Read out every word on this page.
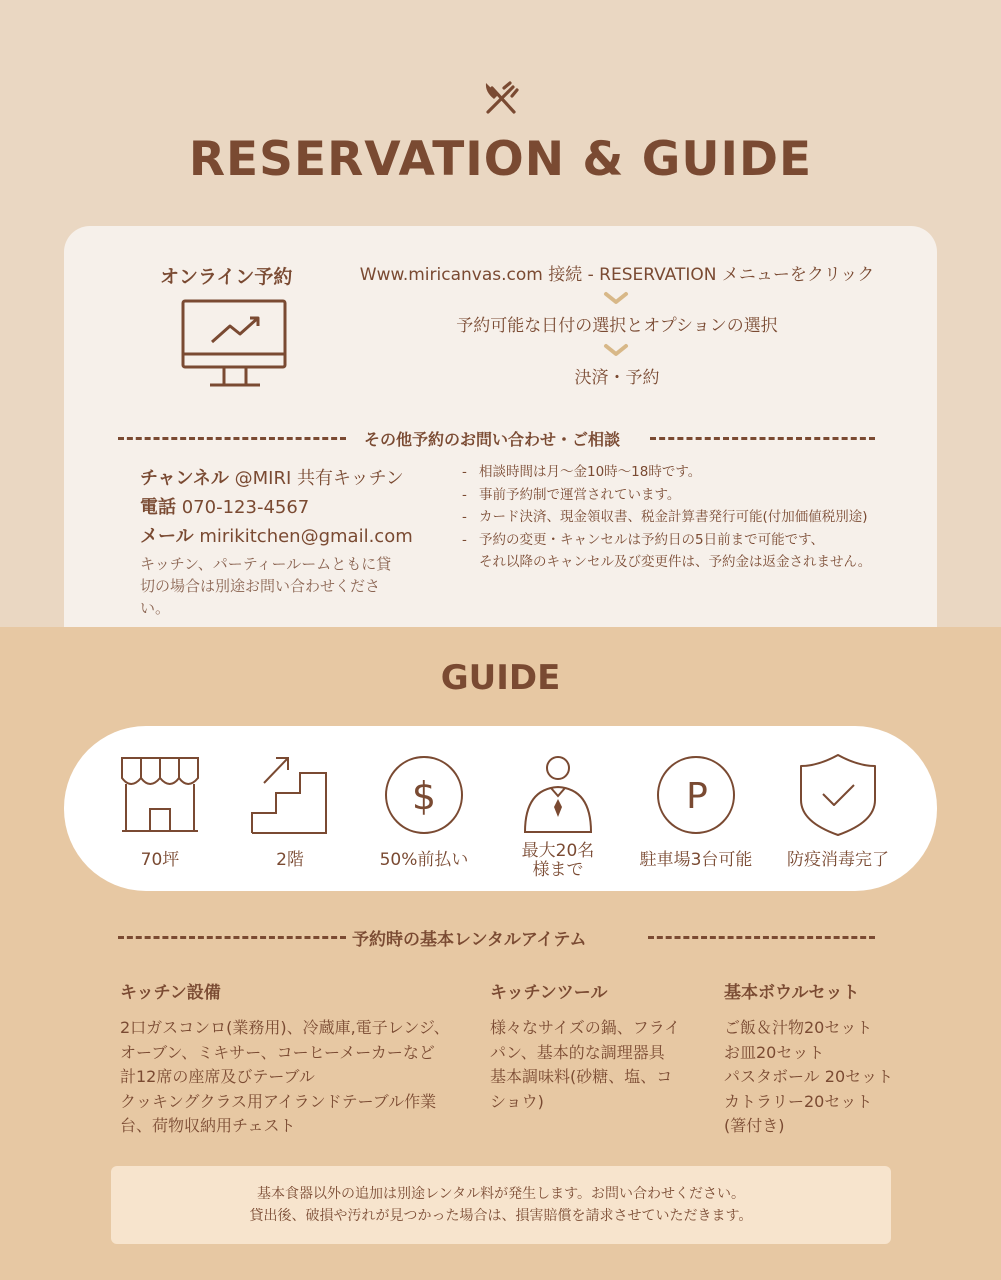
RESERVATION & GUIDE
オンライン予約	Www.miricanvas.com 接続 - RESERVATION メニューをクリック
予約可能な日付の選択とオプションの選択
決済・予約
その他予約のお問い合わせ・ご相談
チャンネル @MIRI 共有キッチン
電話 070-123-4567
メール mirikitchen@gmail.com
キッチン、パーティールームともに貸切の場合は別途お問い合わせください。
- 相談時間は月～金10時～18時です。
- 事前予約制で運営されています。
- カード決済、現金領収書、税金計算書発行可能(付加価値税別途)
- 予約の変更・キャンセルは予約日の5日前まで可能です、
それ以降のキャンセル及び変更件は、予約金は返金されません。
GUIDE
$	P
70坪	2階	50%前払い	最大20名
様まで	駐車場3台可能	防疫消毒完了
予約時の基本レンタルアイテム
キッチン設備
2口ガスコンロ(業務用)、冷蔵庫,電子レンジ、
オーブン、ミキサー、コーヒーメーカーなど
計12席の座席及びテーブル
クッキングクラス用アイランドテーブル作業
台、荷物収納用チェスト
キッチンツール
様々なサイズの鍋、フライ
パン、基本的な調理器具
基本調味料(砂糖、塩、コ
ショウ)
基本ボウルセット
ご飯＆汁物20セット
お皿20セット
パスタボール 20セット
カトラリー20セット
(箸付き)
基本食器以外の追加は別途レンタル料が発生します。お問い合わせください。
貸出後、破損や汚れが見つかった場合は、損害賠償を請求させていただきます。
